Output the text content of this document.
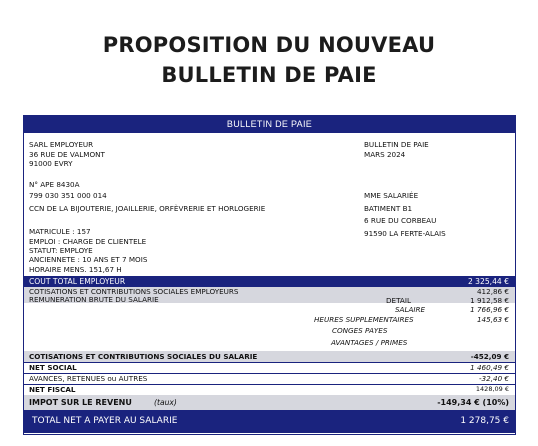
PROPOSITION DU NOUVEAU
BULLETIN DE PAIE
BULLETIN DE PAIE
SARL EMPLOYEUR
36 RUE DE VALMONT
91000 EVRY
N° APE 8430A
799 030 351 000 014
CCN DE LA BIJOUTERIE, JOAILLERIE, ORFÈVRERIE ET HORLOGERIE
BULLETIN DE PAIE
MARS 2024
MME SALARIÉE
BATIMENT B1
6 RUE DU CORBEAU
91590 LA FERTE-ALAIS
MATRICULE : 157
EMPLOI : CHARGE DE CLIENTELE
STATUT: EMPLOYE
ANCIENNETE : 10 ANS ET 7 MOIS
HORAIRE MENS. 151,67 H
COUT TOTAL EMPLOYEUR	2 325,44 €
COTISATIONS ET CONTRIBUTIONS SOCIALES EMPLOYEURS	412,86 €
REMUNERATION BRUTE DU SALARIE	DETAIL	1 912,58 €
SALAIRE	1 766,96 €
HEURES SUPPLEMENTAIRES	145,63 €
CONGES PAYES
AVANTAGES / PRIMES
COTISATIONS ET CONTRIBUTIONS SOCIALES DU SALARIE	-452,09 €
NET SOCIAL	1 460,49 €
AVANCES, RETENUES ou AUTRES	-32,40 €
NET FISCAL	1428,09 €
IMPOT SUR LE REVENU	(taux)	-149,34 € (10%)
TOTAL NET A PAYER AU SALARIE	1 278,75 €
